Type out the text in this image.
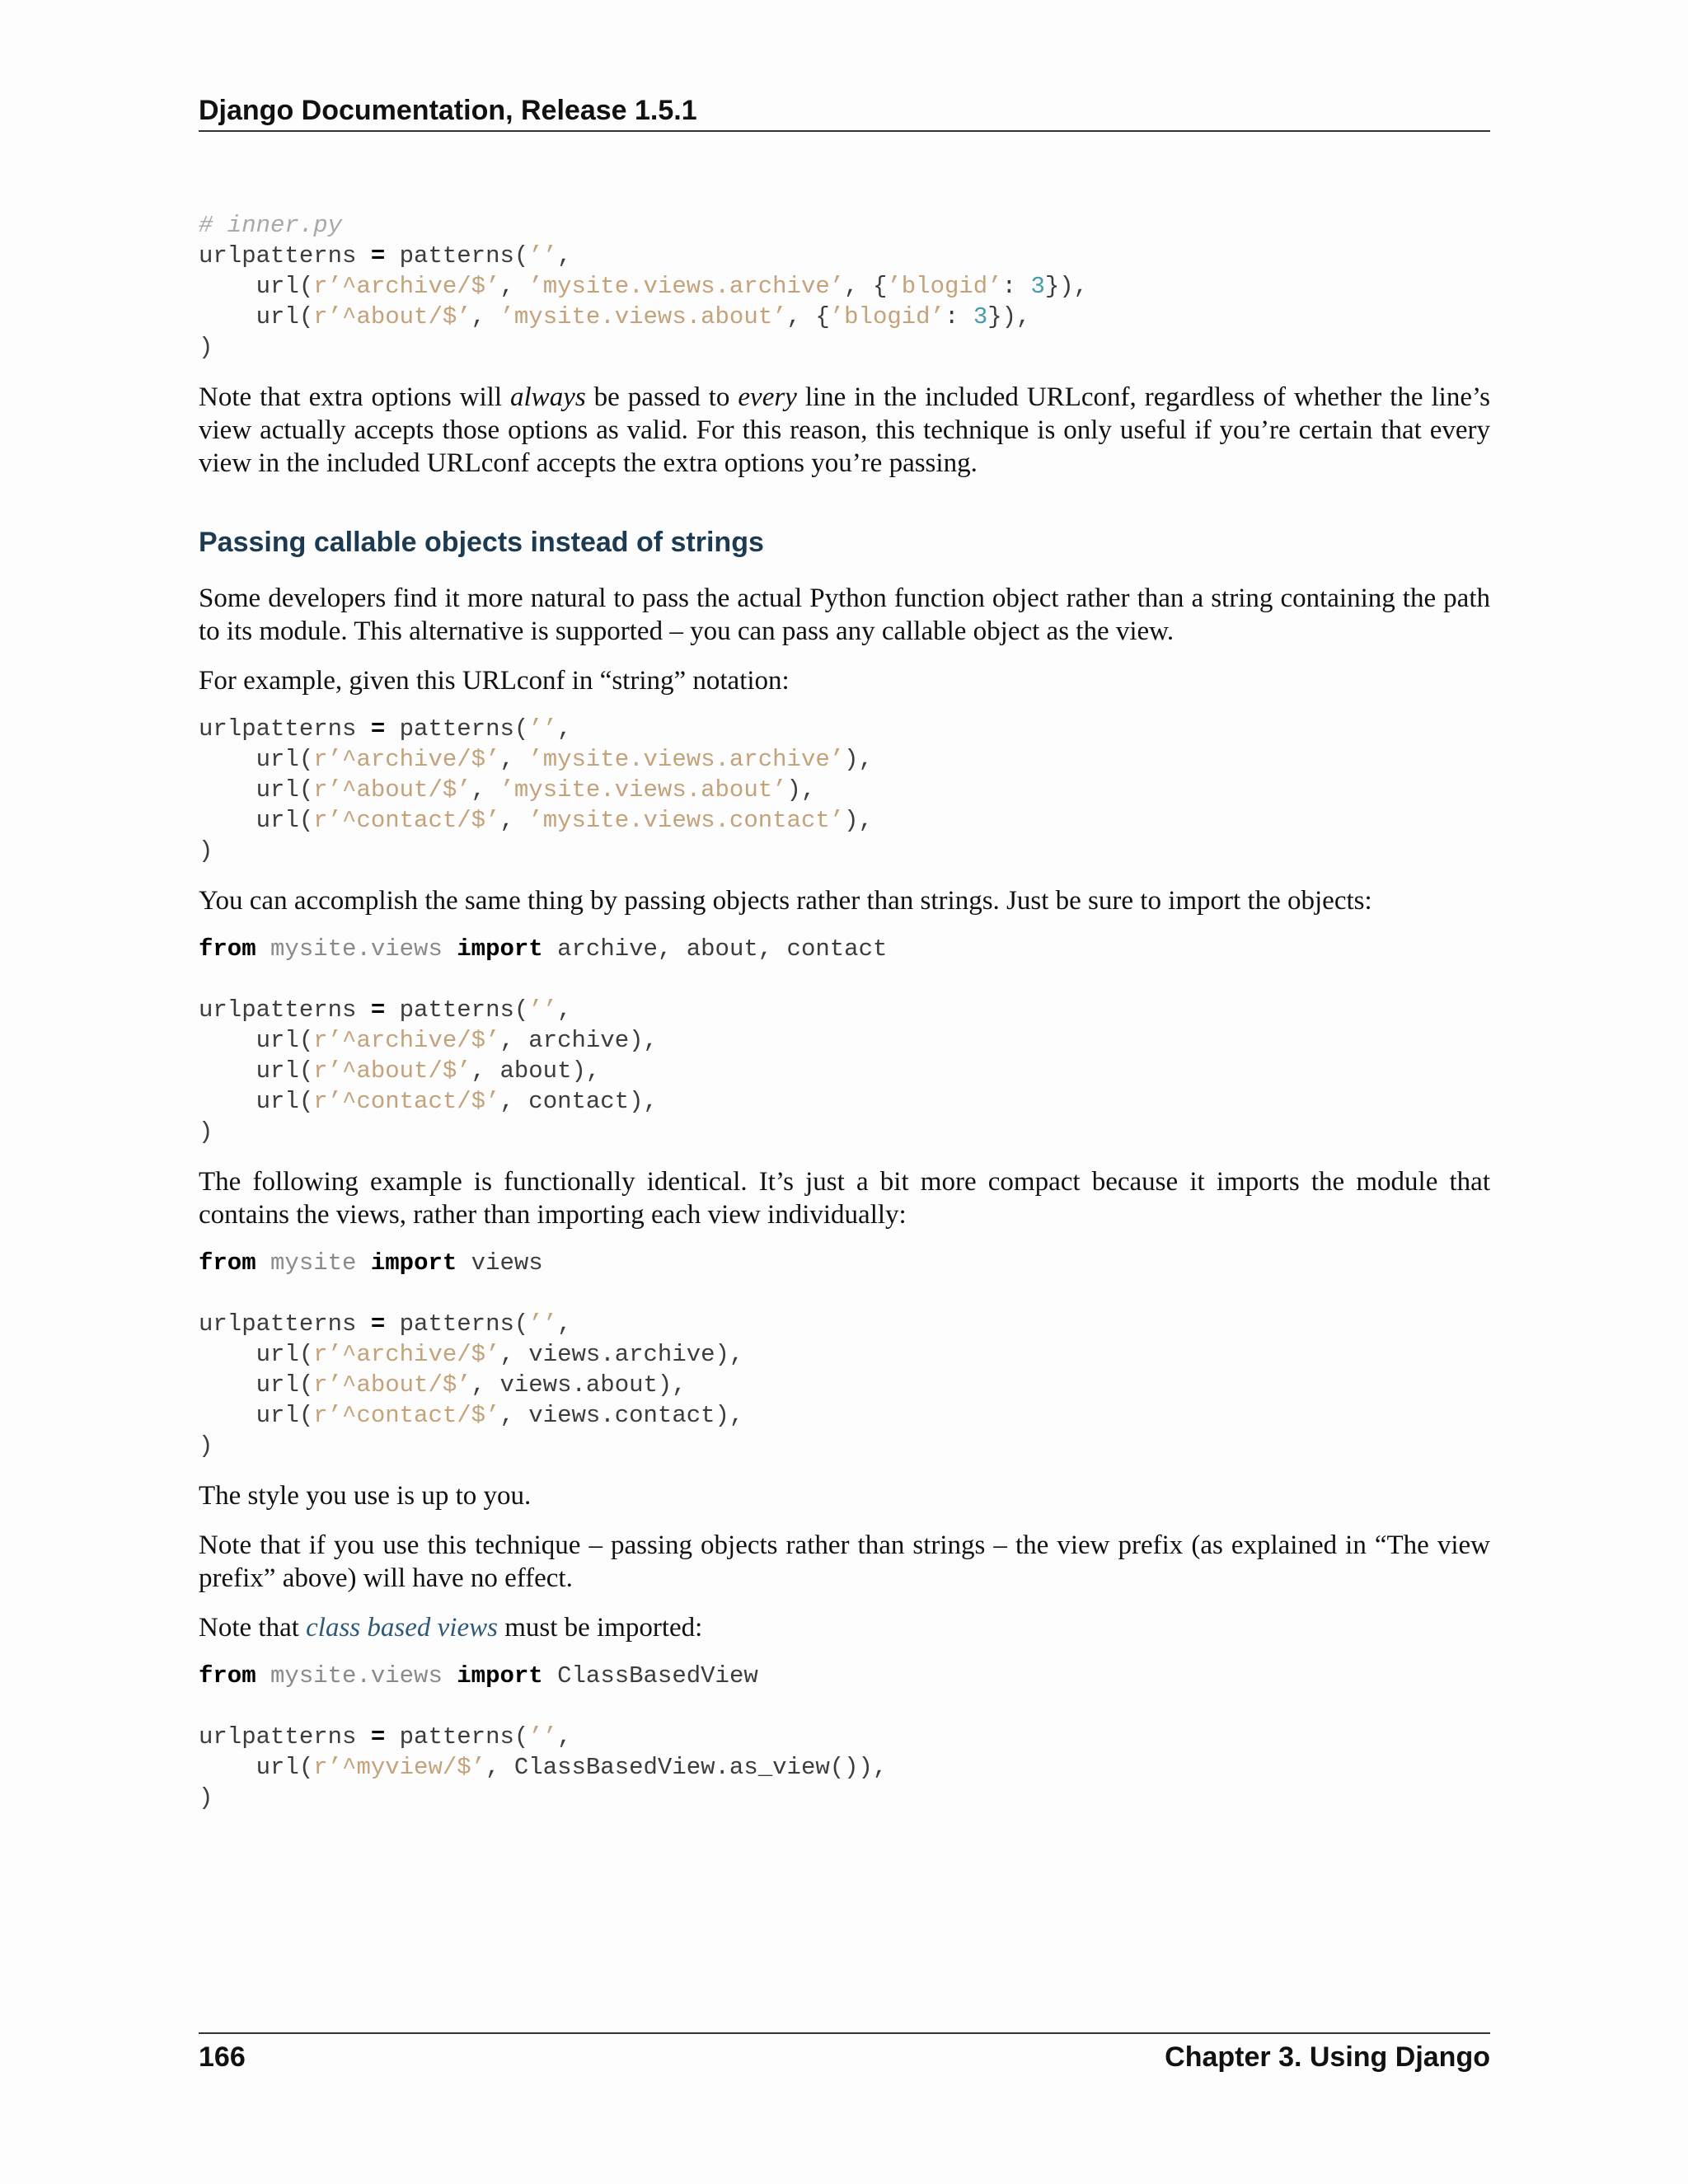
Django Documentation, Release 1.5.1
# inner.py
urlpatterns = patterns(’’,
url(r’^archive/$’, ’mysite.views.archive’, {’blogid’: 3}),
url(r’^about/$’, ’mysite.views.about’, {’blogid’: 3}),
)

Note that extra options will always be passed to every line in the included URLconf, regardless of whether the line’s view actually accepts those options as valid. For this reason, this technique is only useful if you’re certain that every view in the included URLconf accepts the extra options you’re passing.

Passing callable objects instead of strings

Some developers find it more natural to pass the actual Python function object rather than a string containing the path to its module. This alternative is supported – you can pass any callable object as the view.

For example, given this URLconf in “string” notation:

urlpatterns = patterns(’’,
url(r’^archive/$’, ’mysite.views.archive’),
url(r’^about/$’, ’mysite.views.about’),
url(r’^contact/$’, ’mysite.views.contact’),
)

You can accomplish the same thing by passing objects rather than strings. Just be sure to import the objects:

from mysite.views import archive, about, contact

urlpatterns = patterns(’’,
url(r’^archive/$’, archive),
url(r’^about/$’, about),
url(r’^contact/$’, contact),
)

The following example is functionally identical. It’s just a bit more compact because it imports the module that contains the views, rather than importing each view individually:

from mysite import views

urlpatterns = patterns(’’,
url(r’^archive/$’, views.archive),
url(r’^about/$’, views.about),
url(r’^contact/$’, views.contact),
)

The style you use is up to you.

Note that if you use this technique – passing objects rather than strings – the view prefix (as explained in “The view prefix” above) will have no effect.

Note that class based views must be imported:

from mysite.views import ClassBasedView

urlpatterns = patterns(’’,
url(r’^myview/$’, ClassBasedView.as_view()),
)
166	Chapter 3. Using Django
